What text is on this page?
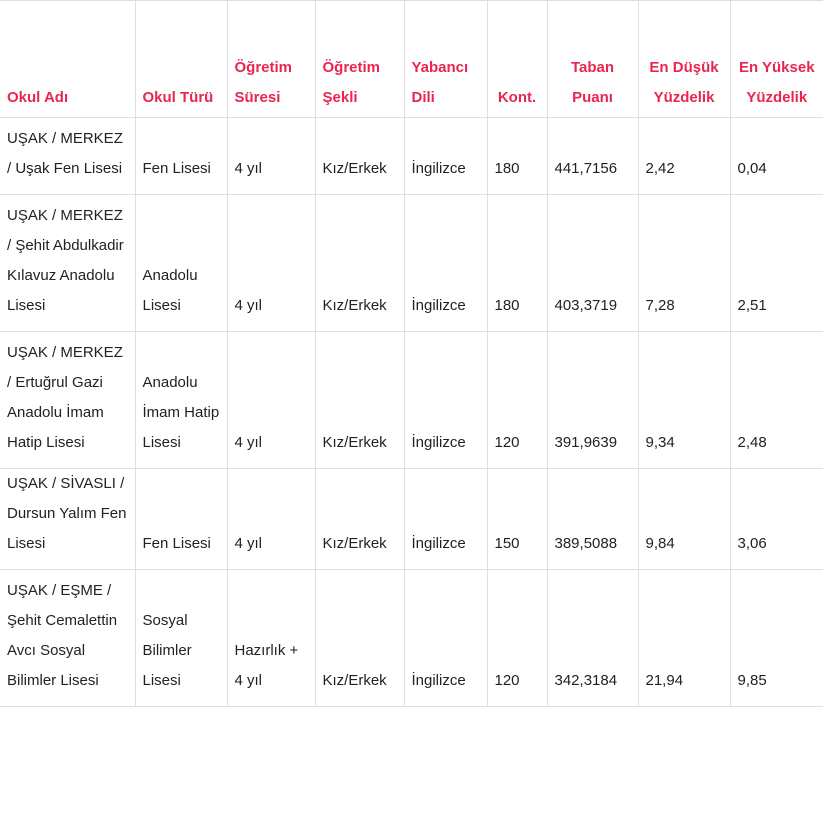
Okul Adı	Okul Türü	Öğretim Süresi	Öğretim Şekli	Yabancı Dili	Kont.	Taban Puanı	En Düşük Yüzdelik	En Yüksek Yüzdelik
UŞAK / MERKEZ / Uşak Fen Lisesi	Fen Lisesi	4 yıl	Kız/Erkek	İngilizce	180	441,7156	2,42	0,04
UŞAK / MERKEZ / Şehit Abdulkadir Kılavuz Anadolu Lisesi	Anadolu Lisesi	4 yıl	Kız/Erkek	İngilizce	180	403,3719	7,28	2,51
UŞAK / MERKEZ / Ertuğrul Gazi Anadolu İmam Hatip Lisesi	Anadolu İmam Hatip Lisesi	4 yıl	Kız/Erkek	İngilizce	120	391,9639	9,34	2,48
UŞAK / SİVASLI / Dursun Yalım Fen Lisesi	Fen Lisesi	4 yıl	Kız/Erkek	İngilizce	150	389,5088	9,84	3,06
UŞAK / EŞME / Şehit Cemalettin Avcı Sosyal Bilimler Lisesi	Sosyal Bilimler Lisesi	Hazırlık + 4 yıl	Kız/Erkek	İngilizce	120	342,3184	21,94	9,85
